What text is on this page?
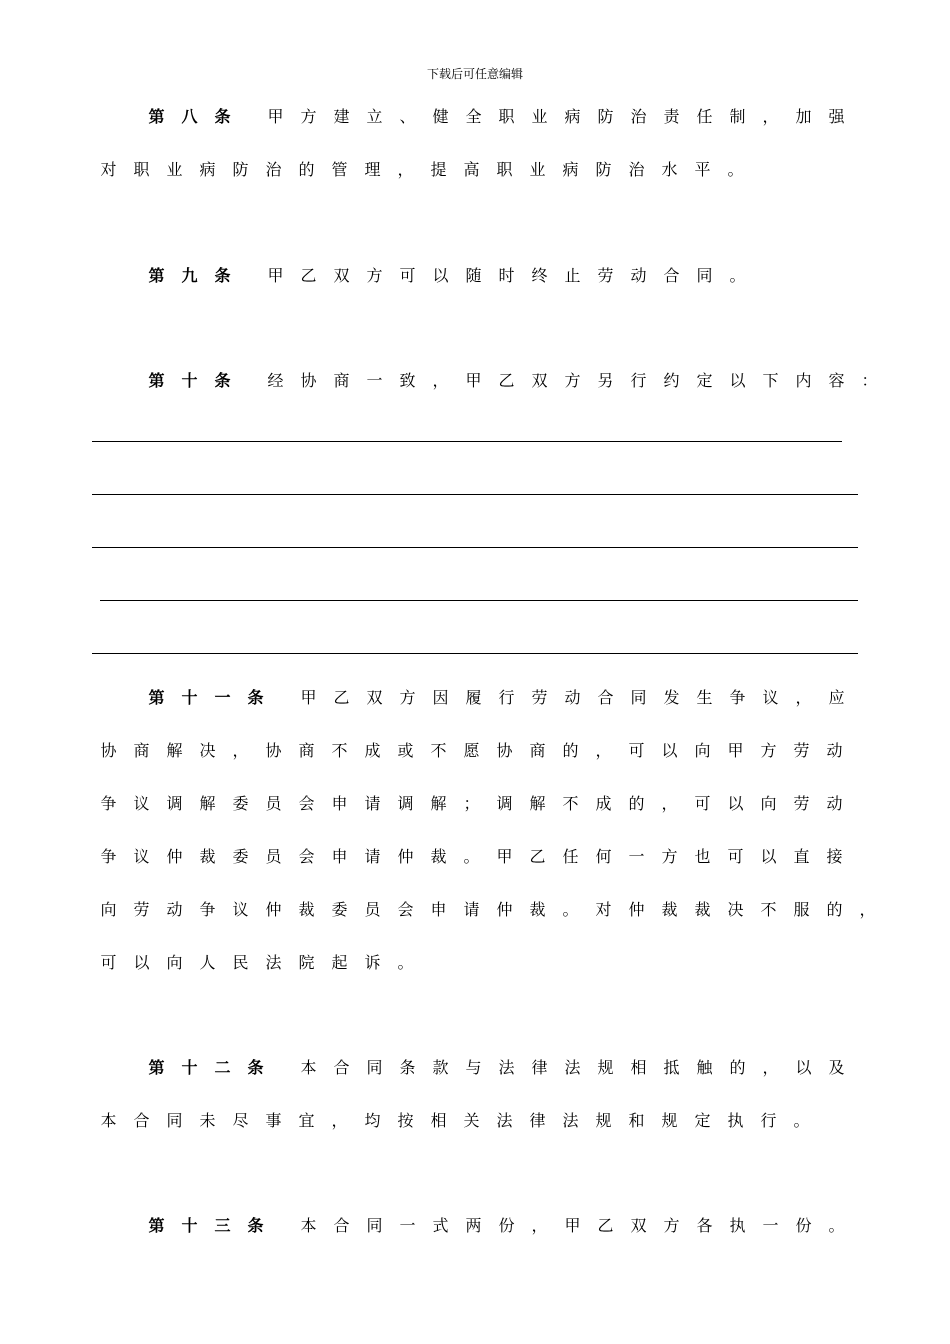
下载后可任意编辑
第 八 条 甲 方 建 立 、 健 全 职 业 病 防 治 责 任 制 ， 加 强
对 职 业 病 防 治 的 管 理 ， 提 高 职 业 病 防 治 水 平 。
第 九 条 甲 乙 双 方 可 以 随 时 终 止 劳 动 合 同 。
第 十 条 经 协 商 一 致 ， 甲 乙 双 方 另 行 约 定 以 下 内 容 ：
第 十 一 条 甲 乙 双 方 因 履 行 劳 动 合 同 发 生 争 议 ， 应
协 商 解 决 ， 协 商 不 成 或 不 愿 协 商 的 ， 可 以 向 甲 方 劳 动
争 议 调 解 委 员 会 申 请 调 解 ； 调 解 不 成 的 ， 可 以 向 劳 动
争 议 仲 裁 委 员 会 申 请 仲 裁 。 甲 乙 任 何 一 方 也 可 以 直 接
向 劳 动 争 议 仲 裁 委 员 会 申 请 仲 裁 。 对 仲 裁 裁 决 不 服 的 ，
可 以 向 人 民 法 院 起 诉 。
第 十 二 条 本 合 同 条 款 与 法 律 法 规 相 抵 触 的 ， 以 及
本 合 同 未 尽 事 宜 ， 均 按 相 关 法 律 法 规 和 规 定 执 行 。
第 十 三 条 本 合 同 一 式 两 份 ， 甲 乙 双 方 各 执 一 份 。
